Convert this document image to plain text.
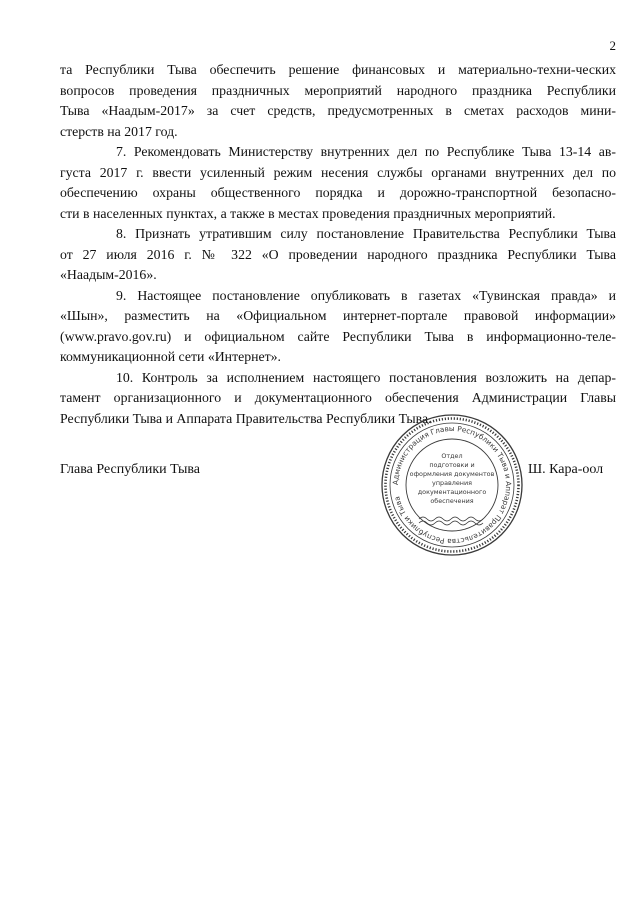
2

та Республики Тыва обеспечить решение финансовых и материально-техни-ческих
вопросов проведения праздничных мероприятий народного праздника Республики
Тыва «Наадым-2017» за счет средств, предусмотренных в сметах расходов мини-
стерств на 2017 год.

7. Рекомендовать Министерству внутренних дел по Республике Тыва 13-14 ав-
густа 2017 г. ввести усиленный режим несения службы органами внутренних дел по
обеспечению охраны общественного порядка и дорожно-транспортной безопасно-
сти в населенных пунктах, а также в местах проведения праздничных мероприятий.

8. Признать утратившим силу постановление Правительства Республики Тыва
от 27 июля 2016 г. № 322 «О проведении народного праздника Республики Тыва
«Наадым-2016».

9. Настоящее постановление опубликовать в газетах «Тувинская правда» и
«Шын», разместить на «Официальном интернет-портале правовой информации»
(www.pravo.gov.ru) и официальном сайте Республики Тыва в информационно-теле-
коммуникационной сети «Интернет».

10. Контроль за исполнением настоящего постановления возложить на депар-
тамент организационного и документационного обеспечения Администрации Главы
Республики Тыва и Аппарата Правительства Республики Тыва.

Глава Республики Тыва	Ш. Кара-оол
Администрация Главы Республики Тыва и Аппарат Правительства Республики Тыва
Отдел
подготовки и
оформления документов
управления
документационного
обеспечения
